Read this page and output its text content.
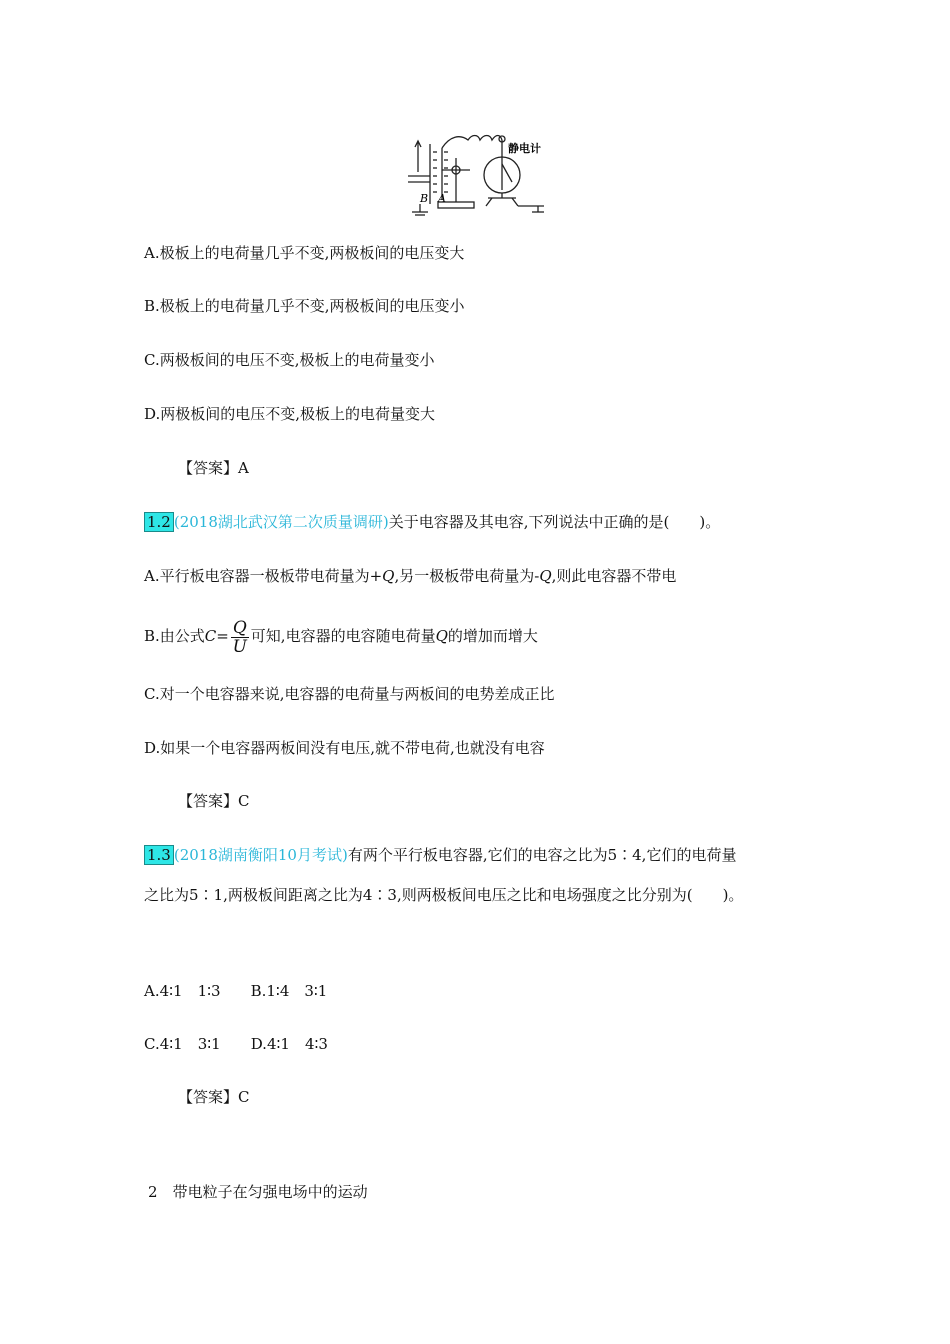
静电计
B A
A.极板上的电荷量几乎不变,两极板间的电压变大
B.极板上的电荷量几乎不变,两极板间的电压变小
C.两极板间的电压不变,极板上的电荷量变小
D.两极板间的电压不变,极板上的电荷量变大
【答案】A
1.2 (2018湖北武汉第二次质量调研)关于电容器及其电容,下列说法中正确的是(　　)。
A.平行板电容器一极板带电荷量为+Q,另一极板带电荷量为-Q,则此电容器不带电
B.由公式$C= \frac{Q}{U}$ 可知,电容器的电容随电荷量Q的增加而增大
C.对一个电容器来说,电容器的电荷量与两板间的电势差成正比
D.如果一个电容器两板间没有电压,就不带电荷,也就没有电容
【答案】C
1.3 (2018湖南衡阳10月考试)有两个平行板电容器,它们的电容之比为5∶4,它们的电荷量
之比为5∶1,两极板间距离之比为4∶3,则两极板间电压之比和电场强度之比分别为(　　)。
A.4∶1　1∶3　　B.1∶4　3∶1
C.4∶1　3∶1　　D.4∶1　4∶3
【答案】C
2　 带电粒子在匀强电场中的运动
